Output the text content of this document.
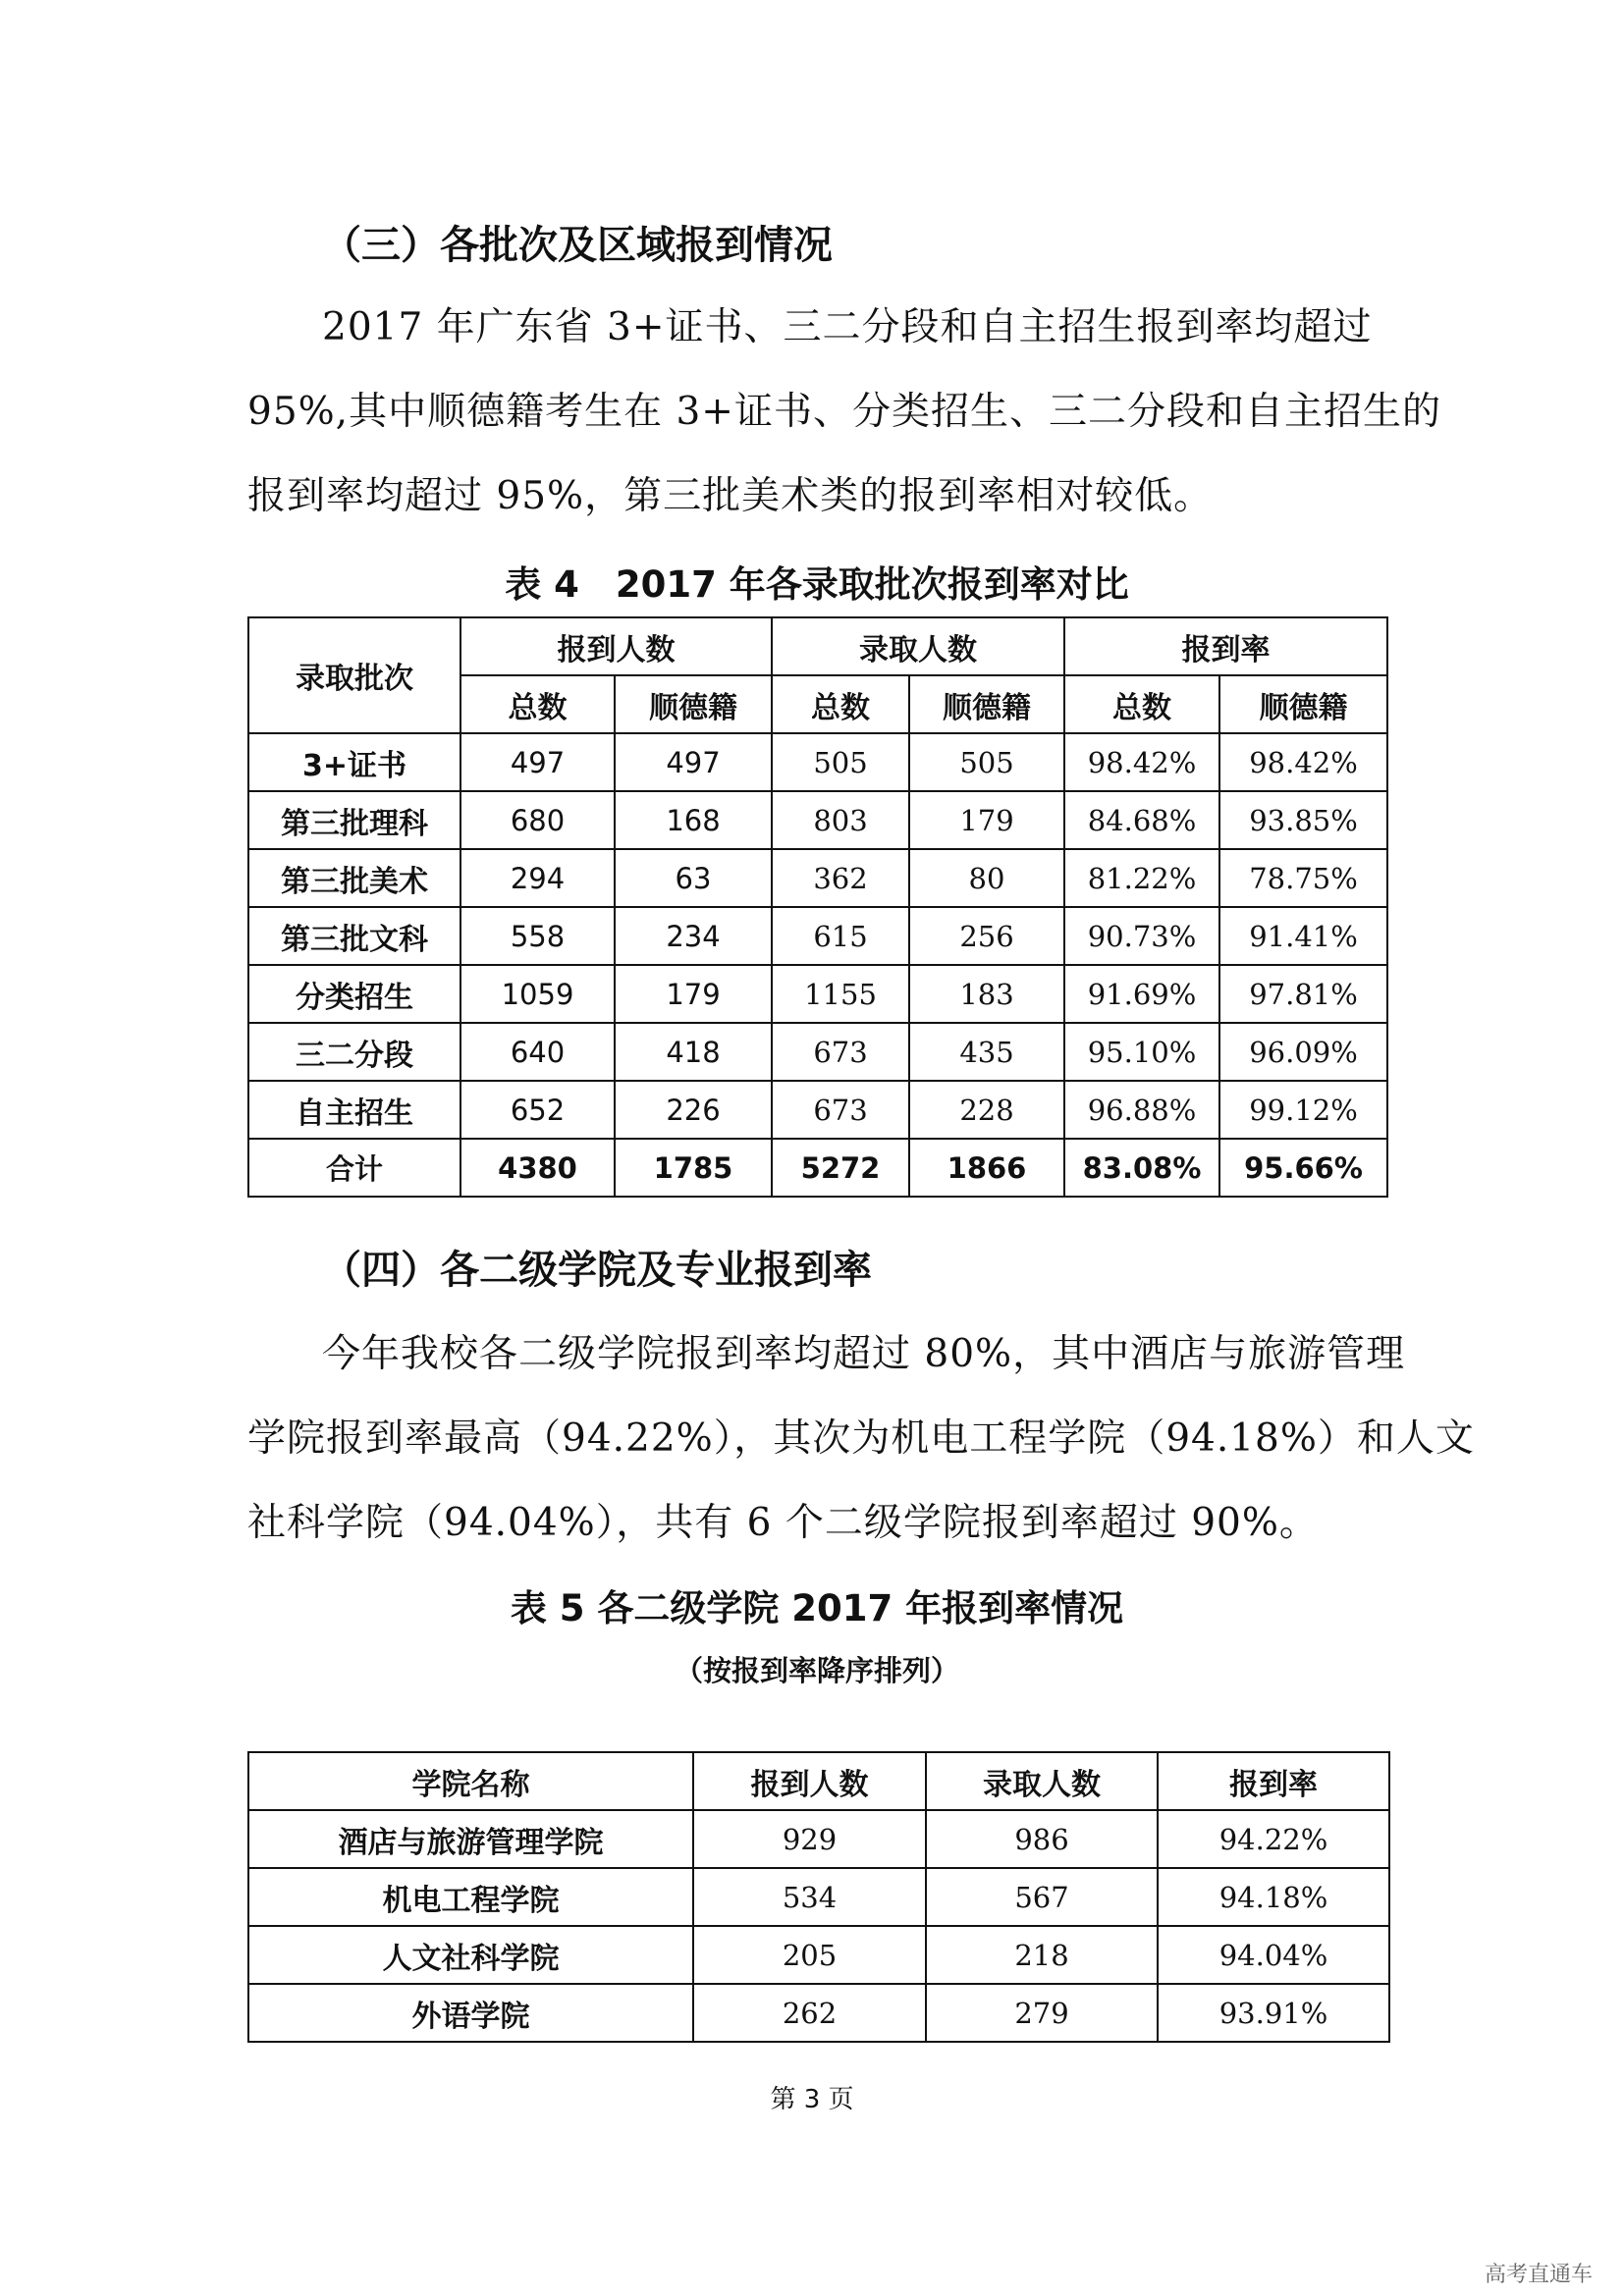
（三）各批次及区域报到情况
2017 年广东省 3+证书、三二分段和自主招生报到率均超过
95%,其中顺德籍考生在 3+证书、分类招生、三二分段和自主招生的
报到率均超过 95%，第三批美术类的报到率相对较低。
表 4　2017 年各录取批次报到率对比
录取批次	报到人数		录取人数		报到率	
	总数	顺德籍	总数	顺德籍	总数	顺德籍
3+证书	497	497	505	505	98.42%	98.42%
第三批理科	680	168	803	179	84.68%	93.85%
第三批美术	294	63	362	80	81.22%	78.75%
第三批文科	558	234	615	256	90.73%	91.41%
分类招生	1059	179	1155	183	91.69%	97.81%
三二分段	640	418	673	435	95.10%	96.09%
自主招生	652	226	673	228	96.88%	99.12%
合计	4380	1785	5272	1866	83.08%	95.66%
（四）各二级学院及专业报到率
今年我校各二级学院报到率均超过 80%，其中酒店与旅游管理
学院报到率最高（94.22%），其次为机电工程学院（94.18%）和人文
社科学院（94.04%），共有 6 个二级学院报到率超过 90%。
表 5 各二级学院 2017 年报到率情况
（按报到率降序排列）
学院名称	报到人数	录取人数	报到率
酒店与旅游管理学院	929	986	94.22%
机电工程学院	534	567	94.18%
人文社科学院	205	218	94.04%
外语学院	262	279	93.91%
第 3 页
高考直通车
